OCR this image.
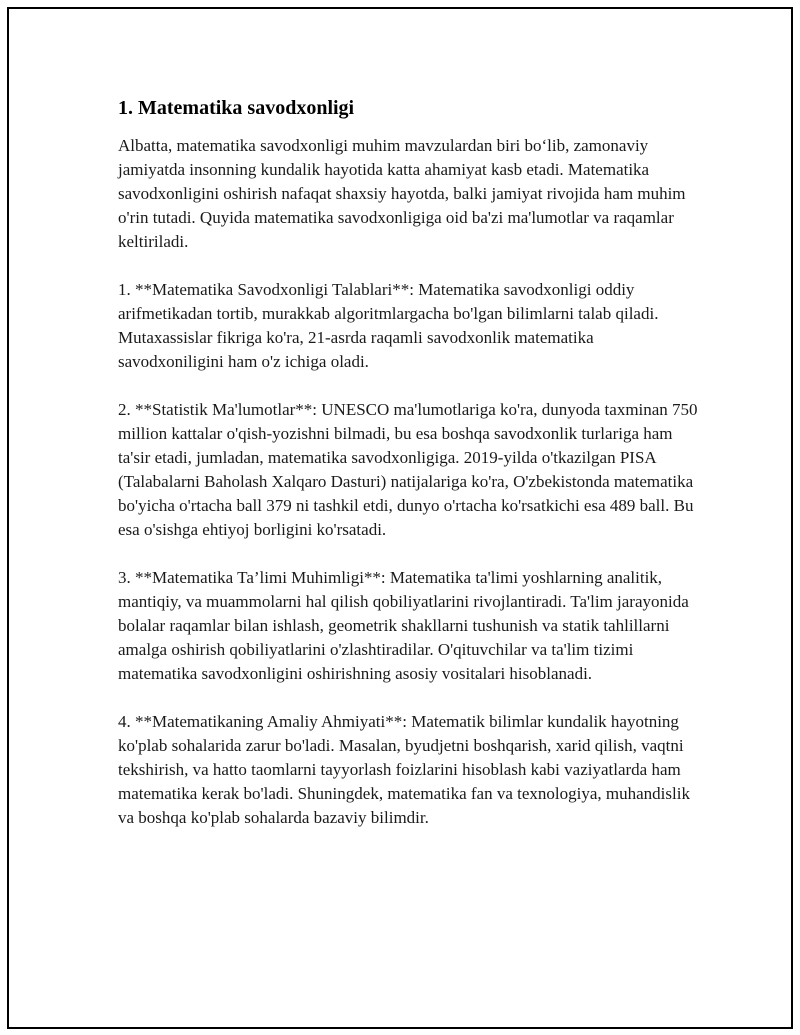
1. Matematika savodxonligi

Albatta, matematika savodxonligi muhim mavzulardan biri bo‘lib, zamonaviy jamiyatda insonning kundalik hayotida katta ahamiyat kasb etadi. Matematika savodxonligini oshirish nafaqat shaxsiy hayotda, balki jamiyat rivojida ham muhim o'rin tutadi. Quyida matematika savodxonligiga oid ba'zi ma'lumotlar va raqamlar keltiriladi.

1. **Matematika Savodxonligi Talablari**: Matematika savodxonligi oddiy arifmetikadan tortib, murakkab algoritmlargacha bo'lgan bilimlarni talab qiladi. Mutaxassislar fikriga ko'ra, 21-asrda raqamli savodxonlik matematika savodxoniligini ham o'z ichiga oladi.

2. **Statistik Ma'lumotlar**: UNESCO ma'lumotlariga ko'ra, dunyoda taxminan 750 million kattalar o'qish-yozishni bilmadi, bu esa boshqa savodxonlik turlariga ham ta'sir etadi, jumladan, matematika savodxonligiga. 2019-yilda o'tkazilgan PISA (Talabalarni Baholash Xalqaro Dasturi) natijalariga ko'ra, O'zbekistonda matematika bo'yicha o'rtacha ball 379 ni tashkil etdi, dunyo o'rtacha ko'rsatkichi esa 489 ball. Bu esa o'sishga ehtiyoj borligini ko'rsatadi.

3. **Matematika Ta’limi Muhimligi**: Matematika ta'limi yoshlarning analitik, mantiqiy, va muammolarni hal qilish qobiliyatlarini rivojlantiradi. Ta'lim jarayonida bolalar raqamlar bilan ishlash, geometrik shakllarni tushunish va statik tahlillarni amalga oshirish qobiliyatlarini o'zlashtiradilar. O'qituvchilar va ta'lim tizimi matematika savodxonligini oshirishning asosiy vositalari hisoblanadi.

4. **Matematikaning Amaliy Ahmiyati**: Matematik bilimlar kundalik hayotning ko'plab sohalarida zarur bo'ladi. Masalan, byudjetni boshqarish, xarid qilish, vaqtni tekshirish, va hatto taomlarni tayyorlash foizlarini hisoblash kabi vaziyatlarda ham matematika kerak bo'ladi. Shuningdek, matematika fan va texnologiya, muhandislik va boshqa ko'plab sohalarda bazaviy bilimdir.
